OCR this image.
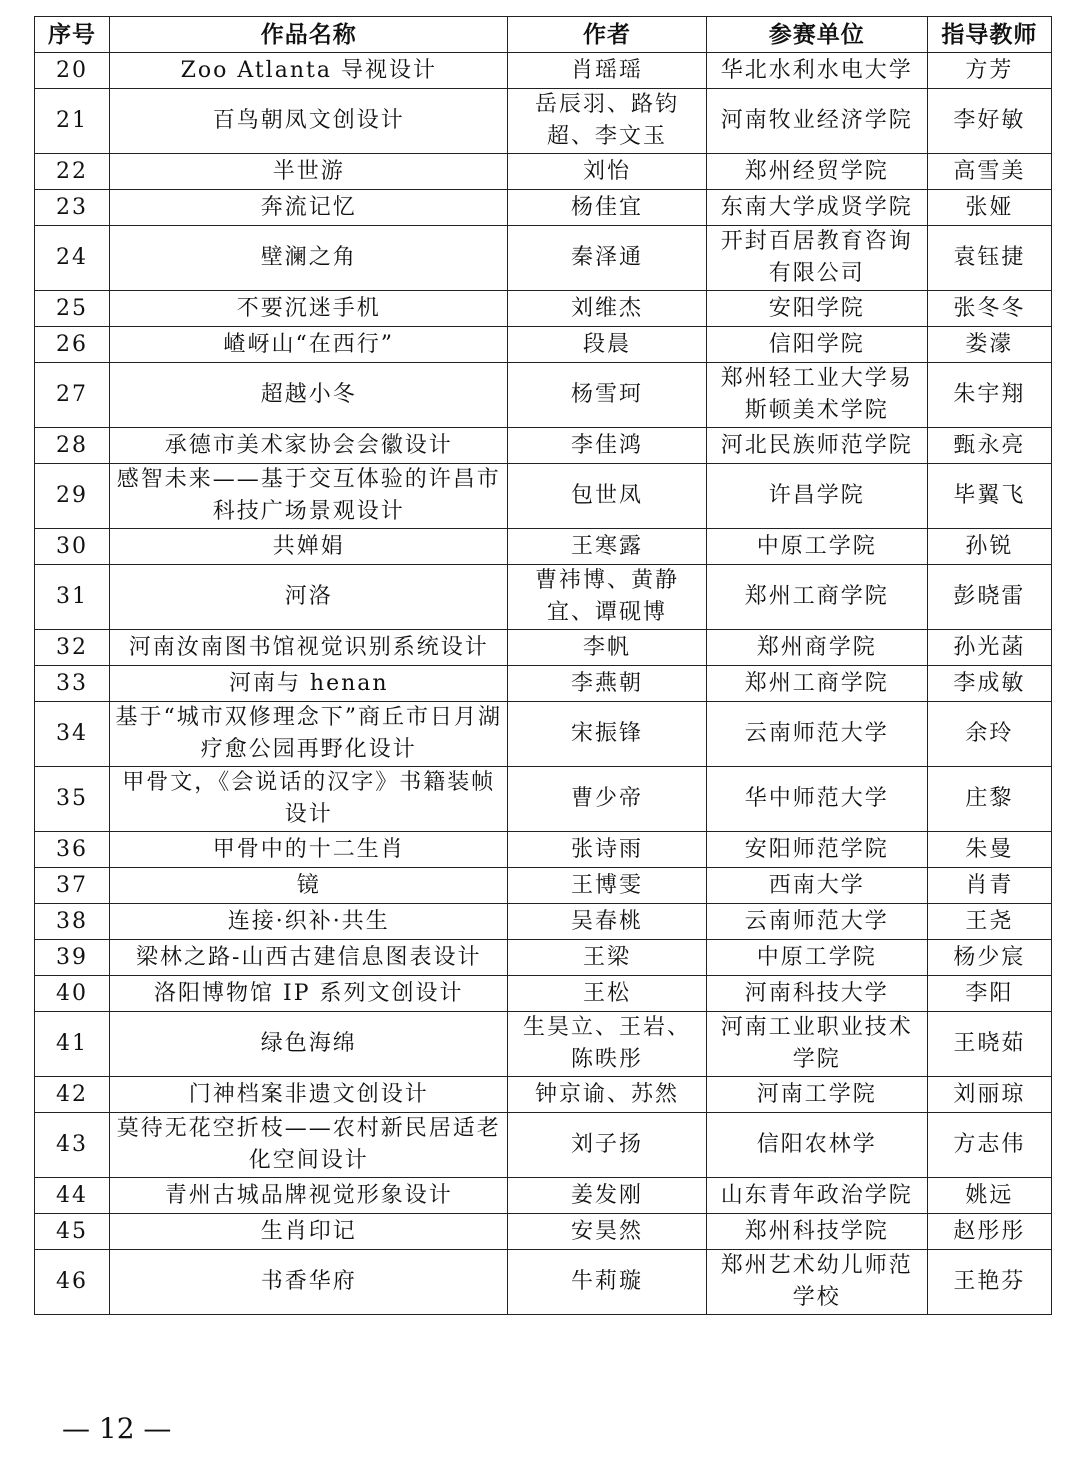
序号	作品名称	作者	参赛单位	指导教师
20	Zoo Atlanta 导视设计	肖瑶瑶	华北水利水电大学	方芳
21	百鸟朝凤文创设计	岳辰羽、路钧超、李文玉	河南牧业经济学院	李好敏
22	半世游	刘怡	郑州经贸学院	高雪美
23	奔流记忆	杨佳宜	东南大学成贤学院	张娅
24	壁澜之角	秦泽通	开封百居教育咨询有限公司	袁钰捷
25	不要沉迷手机	刘维杰	安阳学院	张冬冬
26	嵖岈山“在西行”	段晨	信阳学院	娄濛
27	超越小冬	杨雪珂	郑州轻工业大学易斯顿美术学院	朱宇翔
28	承德市美术家协会会徽设计	李佳鸿	河北民族师范学院	甄永亮
29	感智未来——基于交互体验的许昌市科技广场景观设计	包世凤	许昌学院	毕翼飞
30	共婵娟	王寒露	中原工学院	孙锐
31	河洛	曹祎博、黄静宜、谭砚博	郑州工商学院	彭晓雷
32	河南汝南图书馆视觉识别系统设计	李帆	郑州商学院	孙光菡
33	河南与 henan	李燕朝	郑州工商学院	李成敏
34	基于“城市双修理念下”商丘市日月湖疗愈公园再野化设计	宋振锋	云南师范大学	余玲
35	甲骨文，《会说话的汉字》书籍装帧设计	曹少帝	华中师范大学	庄黎
36	甲骨中的十二生肖	张诗雨	安阳师范学院	朱曼
37	镜	王博雯	西南大学	肖青
38	连接·织补·共生	吴春桃	云南师范大学	王尧
39	梁林之路-山西古建信息图表设计	王梁	中原工学院	杨少宸
40	洛阳博物馆 IP 系列文创设计	王松	河南科技大学	李阳
41	绿色海绵	生昊立、王岩、陈昳彤	河南工业职业技术学院	王晓茹
42	门神档案非遗文创设计	钟京谕、苏然	河南工学院	刘丽琼
43	莫待无花空折枝——农村新民居适老化空间设计	刘子扬	信阳农林学	方志伟
44	青州古城品牌视觉形象设计	姜发刚	山东青年政治学院	姚远
45	生肖印记	安昊然	郑州科技学院	赵彤彤
46	书香华府	牛莉璇	郑州艺术幼儿师范学校	王艳芬
— 12 —
